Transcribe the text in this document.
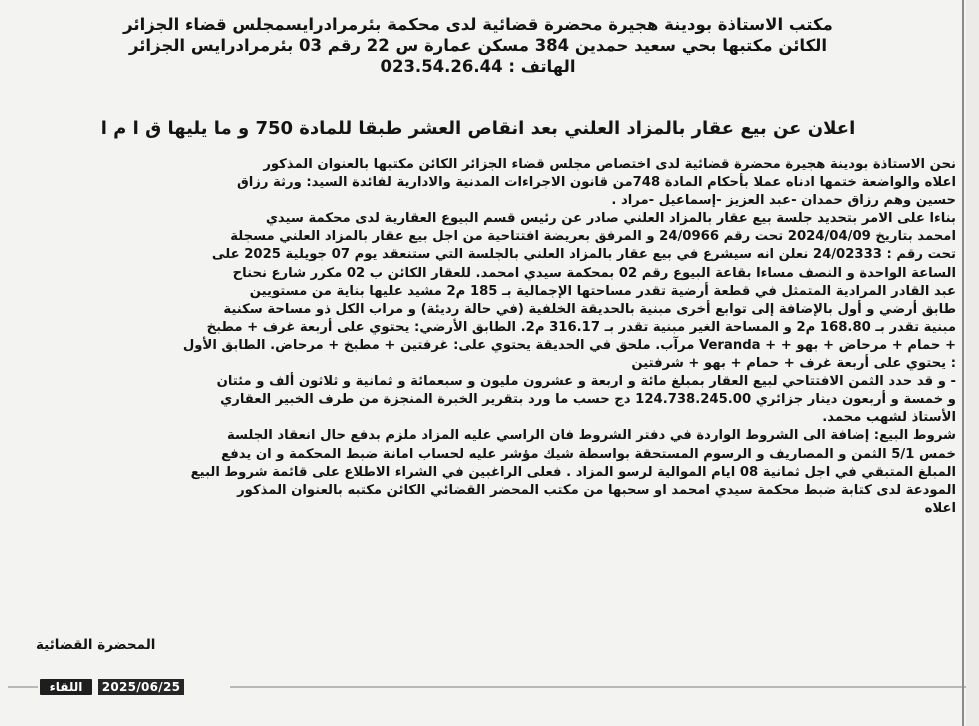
مكتب الاستاذة بودينة هجيرة محضرة قضائية لدى محكمة بئرمرادرايسمجلس قضاء الجزائر
الكائن مكتبها بحي سعيد حمدين 384 مسكن عمارة س 22 رقم 03 بئرمرادرايس الجزائر
الهاتف : 023.54.26.44
اعلان عن بيع عقار بالمزاد العلني بعد انقاص العشر طبقا للمادة 750 و ما يليها ق ا م ا
نحن الاستاذة بودينة هجيرة محضرة قضائية لدى اختصاص مجلس قضاء الجزائر الكائن مكتبها بالعنوان المذكور
اعلاه والواضعة ختمها ادناه عملا بأحكام المادة 748من قانون الاجراءات المدنية والادارية لفائدة السيد: ورثة رزاق
حسين وهم رزاق حمدان -عبد العزيز -إسماعيل -مراد .
بناءا على الامر بتحديد جلسة بيع عقار بالمزاد العلني صادر عن رئيس قسم البيوع العقارية لدى محكمة سيدي
امحمد بتاريخ 2024/04/09 تحت رقم 24/0966 و المرفق بعريضة افتتاحية من اجل بيع عقار بالمزاد العلني مسجلة
تحت رقم : 24/02333 نعلن انه سيشرع في بيع عقار بالمزاد العلني بالجلسة التي ستنعقد يوم 07 جويلية 2025 على
الساعة الواحدة و النصف مساءا بقاعة البيوع رقم 02 بمحكمة سيدي امحمد. للعقار الكائن ب 02 مكرر شارع نحناح
عبد القادر المرادية المتمثل في قطعة أرضية تقدر مساحتها الإجمالية بـ 185 م2 مشيد عليها بناية من مستويين
طابق أرضي و أول بالإضافة إلى توابع أخرى مبنية بالحديقة الخلفية (في حالة رديئة) و مراب الكل ذو مساحة سكنية
مبنية تقدر بـ 168.80 م2 و المساحة الغير مبنية تقدر بـ 316.17 م2. الطابق الأرضي: يحتوي على أربعة غرف + مطبخ
+ حمام + مرحاض + بهو + + Veranda مرآب. ملحق في الحديقة يحتوي على: غرفتين + مطبخ + مرحاض. الطابق الأول
: يحتوي على أربعة غرف + حمام + بهو + شرفتين
- و قد حدد الثمن الافتتاحي لبيع العقار بمبلغ مائة و اربعة و عشرون مليون و سبعمائة و ثمانية و ثلاثون ألف و مئتان
و خمسة و أربعون دينار جزائري 124.738.245.00 دج حسب ما ورد بتقرير الخبرة المنجزة من طرف الخبير العقاري
الأستاذ لشهب محمد.
شروط البيع: إضافة الى الشروط الواردة في دفتر الشروط فان الراسي عليه المزاد ملزم بدفع حال انعقاد الجلسة
خمس 5/1 الثمن و المصاريف و الرسوم المستحقة بواسطة شيك مؤشر عليه لحساب امانة ضبط المحكمة و ان يدفع
المبلغ المتبقي في اجل ثمانية 08 ايام الموالية لرسو المزاد . فعلى الراغبين في الشراء الاطلاع على قائمة شروط البيع
المودعة لدى كتابة ضبط محكمة سيدي امحمد او سحبها من مكتب المحضر القضائي الكائن مكتبه بالعنوان المذكور
اعلاه
المحضرة القضائية
اللقاء	2025/06/25
